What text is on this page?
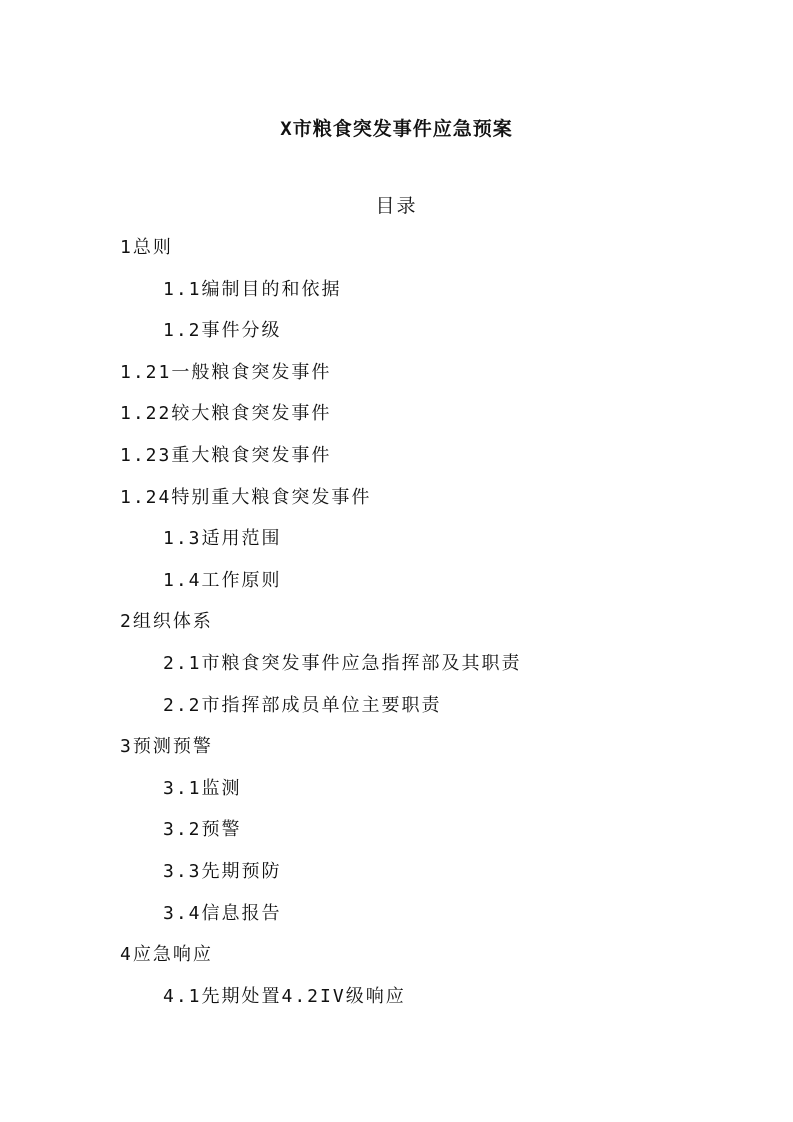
X市粮食突发事件应急预案
目录
1总则
1.1编制目的和依据
1.2事件分级
1.21一般粮食突发事件
1.22较大粮食突发事件
1.23重大粮食突发事件
1.24特别重大粮食突发事件
1.3适用范围
1.4工作原则
2组织体系
2.1市粮食突发事件应急指挥部及其职责
2.2市指挥部成员单位主要职责
3预测预警
3.1监测
3.2预警
3.3先期预防
3.4信息报告
4应急响应
4.1先期处置4.2IV级响应
